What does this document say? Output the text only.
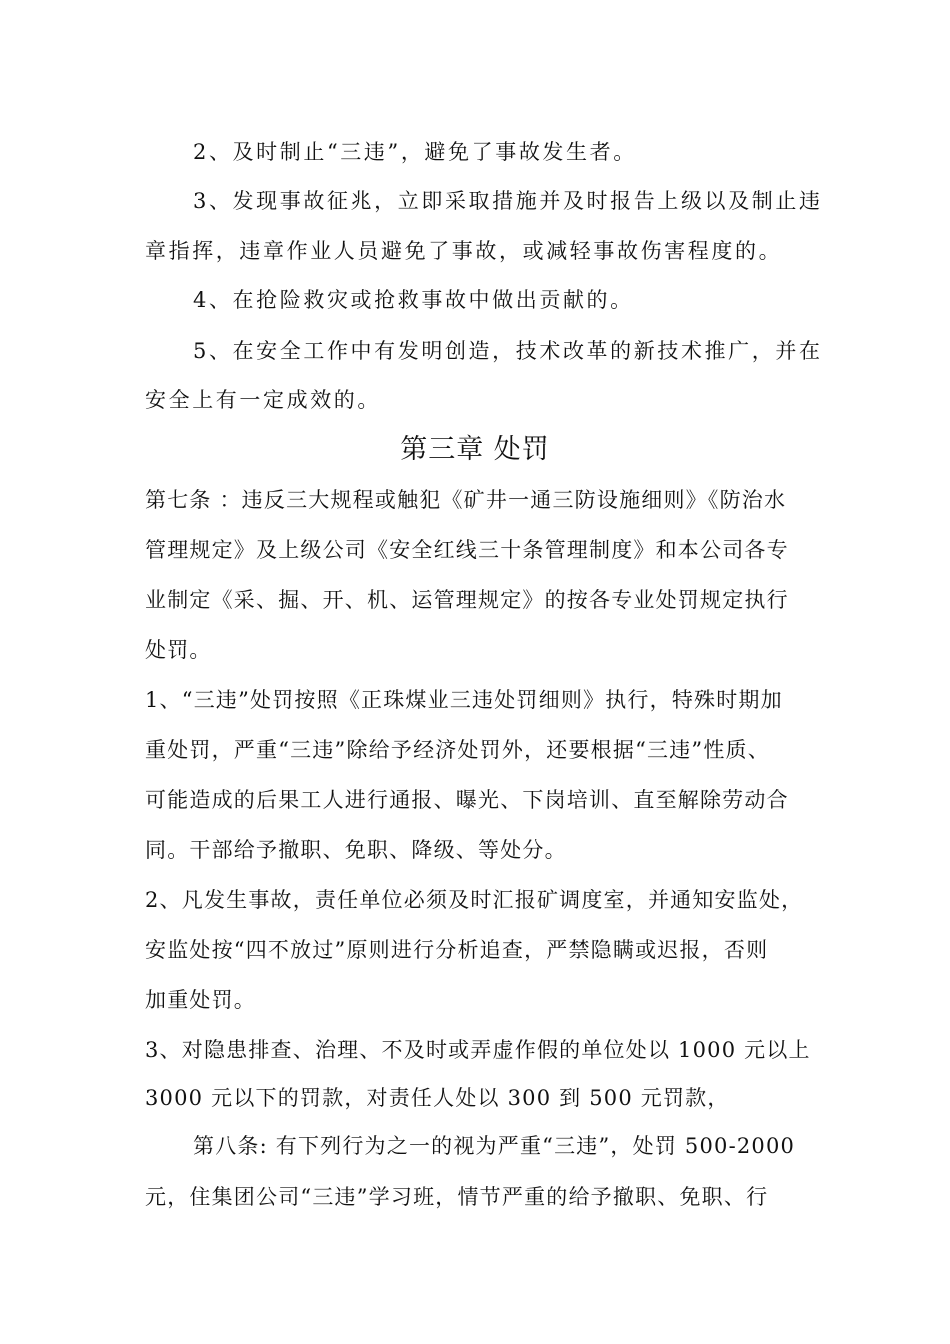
2、及时制止“三违”，避免了事故发生者。
3、发现事故征兆，立即采取措施并及时报告上级以及制止违
章指挥，违章作业人员避免了事故，或减轻事故伤害程度的。
4、在抢险救灾或抢救事故中做出贡献的。
5、在安全工作中有发明创造，技术改革的新技术推广，并在
安全上有一定成效的。
第三章 处罚
第七条 ：违反三大规程或触犯《矿井一通三防设施细则》《防治水
管理规定》及上级公司《安全红线三十条管理制度》和本公司各专
业制定《采、掘、开、机、运管理规定》的按各专业处罚规定执行
处罚。
1、“三违”处罚按照《正珠煤业三违处罚细则》执行，特殊时期加
重处罚，严重“三违”除给予经济处罚外，还要根据“三违”性质、
可能造成的后果工人进行通报、曝光、下岗培训、直至解除劳动合
同。干部给予撤职、免职、降级、等处分。
2、凡发生事故，责任单位必须及时汇报矿调度室，并通知安监处，
安监处按“四不放过”原则进行分析追查，严禁隐瞒或迟报，否则
加重处罚。
3、对隐患排查、治理、不及时或弄虚作假的单位处以 1000 元以上
3000 元以下的罚款，对责任人处以 300 到 500 元罚款，
第八条: 有下列行为之一的视为严重“三违”，处罚 500-2000
元，住集团公司“三违”学习班，情节严重的给予撤职、免职、行
